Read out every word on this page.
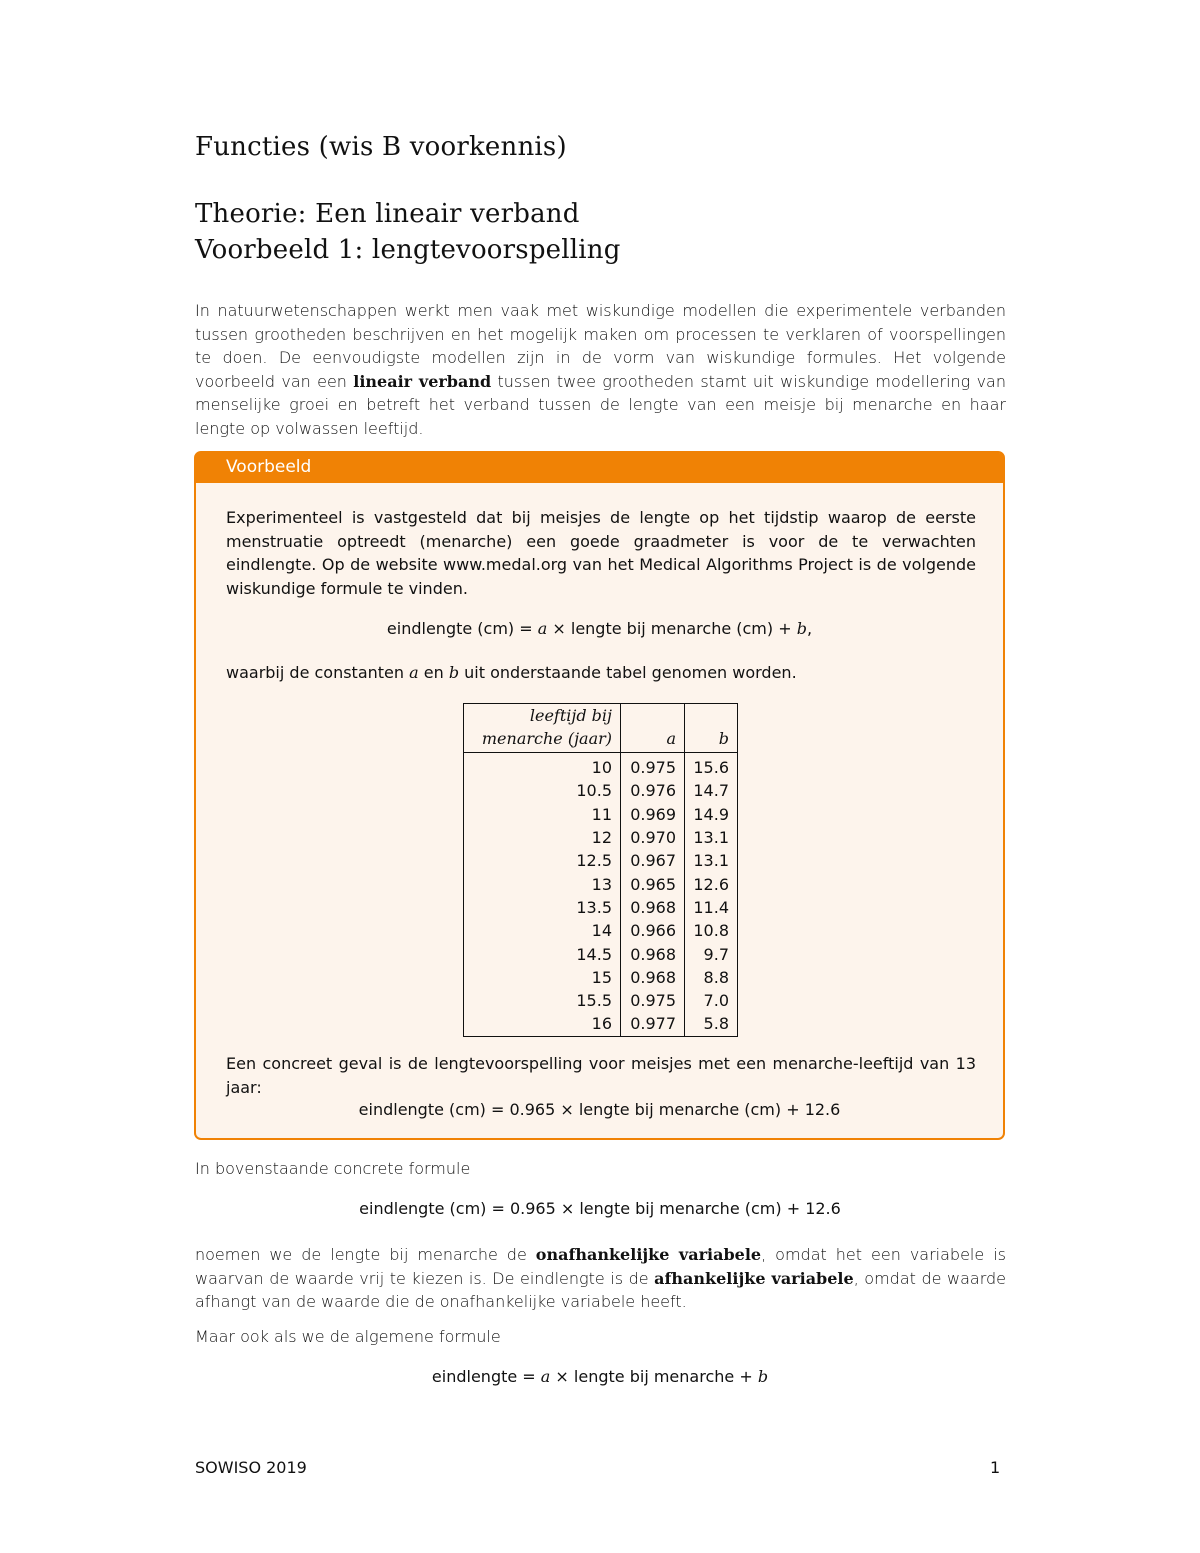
Functies (wis B voorkennis)
Theorie: Een lineair verband
Voorbeeld 1: lengtevoorspelling

In natuurwetenschappen werkt men vaak met wiskundige modellen die experimentele verbanden tussen grootheden beschrijven en het mogelijk maken om processen te verklaren of voorspellingen te doen. De eenvoudigste modellen zijn in de vorm van wiskundige formules. Het volgende voorbeeld van een lineair verband tussen twee grootheden stamt uit wiskundige modellering van menselijke groei en betreft het verband tussen de lengte van een meisje bij menarche en haar lengte op volwassen leeftijd.

Voorbeeld

Experimenteel is vastgesteld dat bij meisjes de lengte op het tijdstip waarop de eerste menstruatie optreedt (menarche) een goede graadmeter is voor de te verwachten eindlengte. Op de website www.medal.org van het Medical Algorithms Project is de volgende wiskundige formule te vinden.

eindlengte (cm) = a × lengte bij menarche (cm) + b,

waarbij de constanten a en b uit onderstaande tabel genomen worden.

leeftijd bij
menarche (jaar)	a	b
10	0.975	15.6
10.5	0.976	14.7
11	0.969	14.9
12	0.970	13.1
12.5	0.967	13.1
13	0.965	12.6
13.5	0.968	11.4
14	0.966	10.8
14.5	0.968	9.7
15	0.968	8.8
15.5	0.975	7.0
16	0.977	5.8

Een concreet geval is de lengtevoorspelling voor meisjes met een menarche-leeftijd van 13 jaar:

eindlengte (cm) = 0.965 × lengte bij menarche (cm) + 12.6

In bovenstaande concrete formule

eindlengte (cm) = 0.965 × lengte bij menarche (cm) + 12.6

noemen we de lengte bij menarche de onafhankelijke variabele, omdat het een variabele is waarvan de waarde vrij te kiezen is. De eindlengte is de afhankelijke variabele, omdat de waarde afhangt van de waarde die de onafhankelijke variabele heeft.

Maar ook als we de algemene formule

eindlengte = a × lengte bij menarche + b

SOWISO 2019	1
